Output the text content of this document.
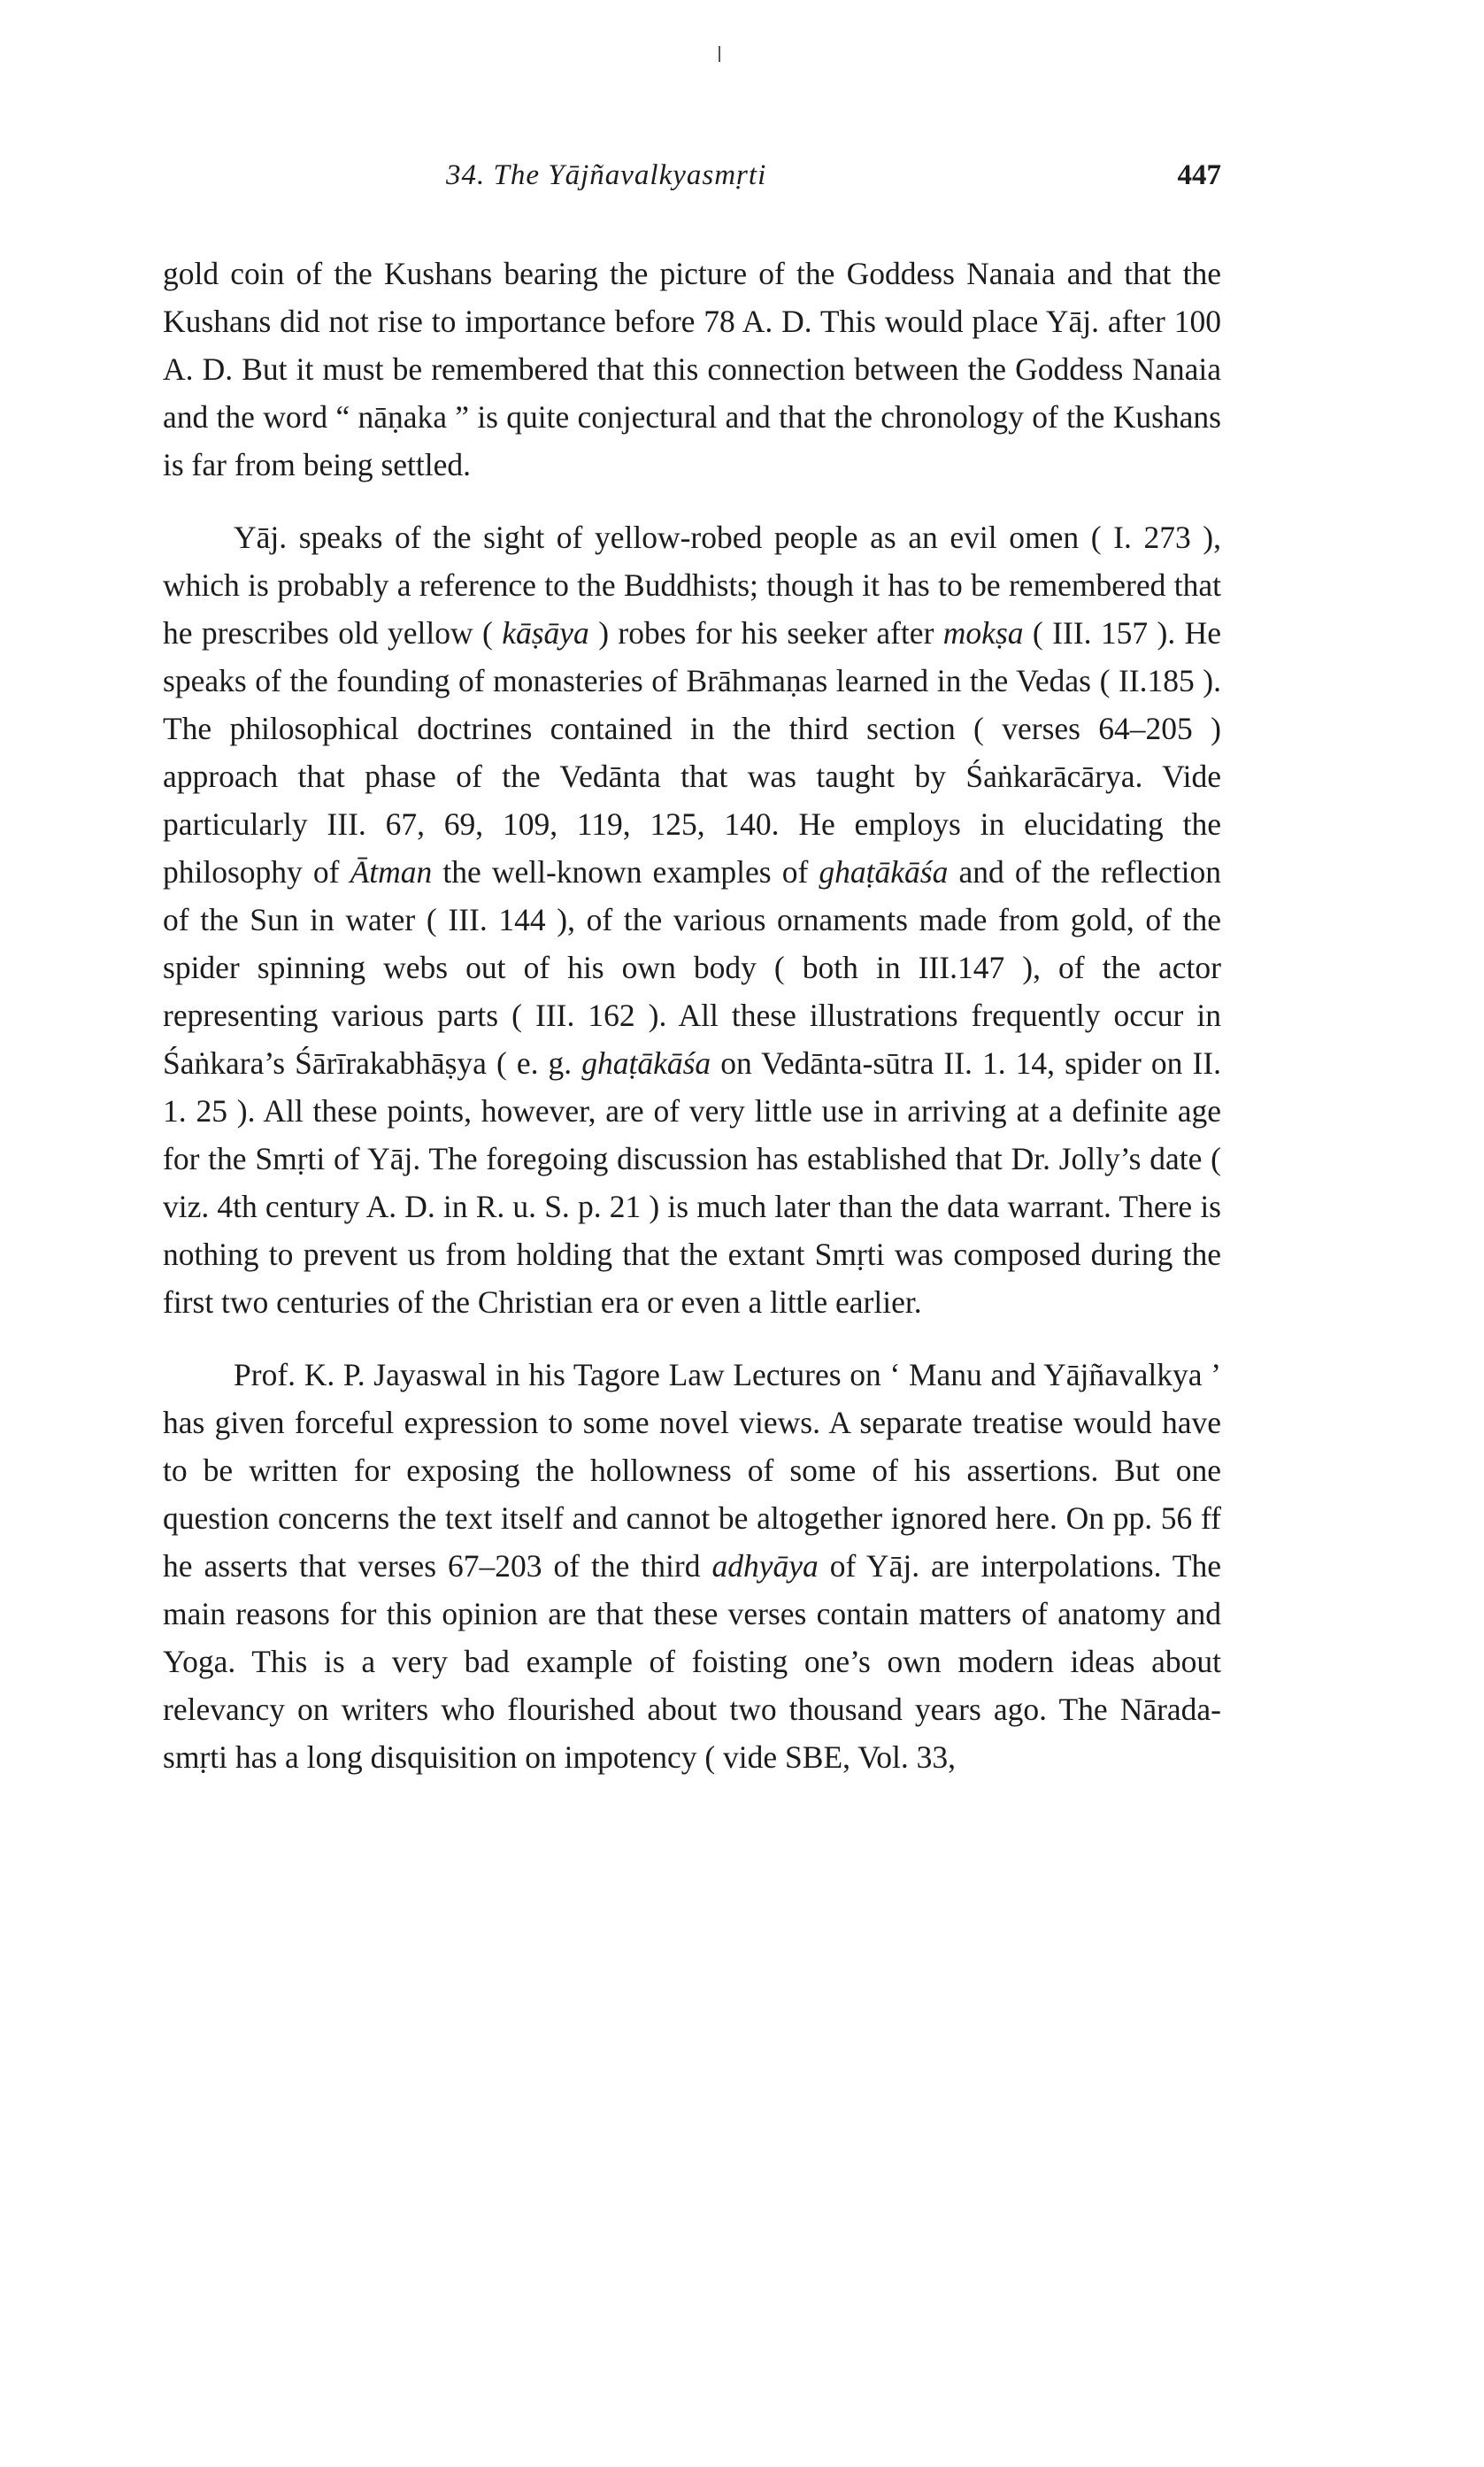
34. The Yājñavalkyasmṛti	447

gold coin of the Kushans bearing the picture of the Goddess Nanaia and that the Kushans did not rise to importance before 78 A. D. This would place Yāj. after 100 A. D. But it must be remembered that this connection between the Goddess Nanaia and the word “ nāṇaka ” is quite conjectural and that the chronology of the Kushans is far from being settled.

Yāj. speaks of the sight of yellow-robed people as an evil omen ( I. 273 ), which is probably a reference to the Buddhists; though it has to be remembered that he prescribes old yellow ( kāṣāya ) robes for his seeker after mokṣa ( III. 157 ). He speaks of the founding of monasteries of Brāhmaṇas learned in the Vedas ( II.185 ). The philosophical doctrines contained in the third section ( verses 64–205 ) approach that phase of the Vedānta that was taught by Śaṅkarācārya. Vide particularly III. 67, 69, 109, 119, 125, 140. He employs in elucidating the philosophy of Ātman the well-known examples of ghaṭākāśa and of the reflection of the Sun in water ( III. 144 ), of the various ornaments made from gold, of the spider spinning webs out of his own body ( both in III.147 ), of the actor representing various parts ( III. 162 ). All these illustrations frequently occur in Śaṅkara’s Śārīrakabhāṣya ( e. g. ghaṭākāśa on Vedānta-sūtra II. 1. 14, spider on II. 1. 25 ). All these points, however, are of very little use in arriving at a definite age for the Smṛti of Yāj. The foregoing discussion has established that Dr. Jolly’s date ( viz. 4th century A. D. in R. u. S. p. 21 ) is much later than the data warrant. There is nothing to prevent us from holding that the extant Smṛti was composed during the first two centuries of the Christian era or even a little earlier.

Prof. K. P. Jayaswal in his Tagore Law Lectures on ‘ Manu and Yājñavalkya ’ has given forceful expression to some novel views. A separate treatise would have to be written for exposing the hollowness of some of his assertions. But one question concerns the text itself and cannot be altogether ignored here. On pp. 56 ff he asserts that verses 67–203 of the third adhyāya of Yāj. are interpolations. The main reasons for this opinion are that these verses contain matters of anatomy and Yoga. This is a very bad example of foisting one’s own modern ideas about relevancy on writers who flourished about two thousand years ago. The Nārada-smṛti has a long disquisition on impotency ( vide SBE, Vol. 33,
